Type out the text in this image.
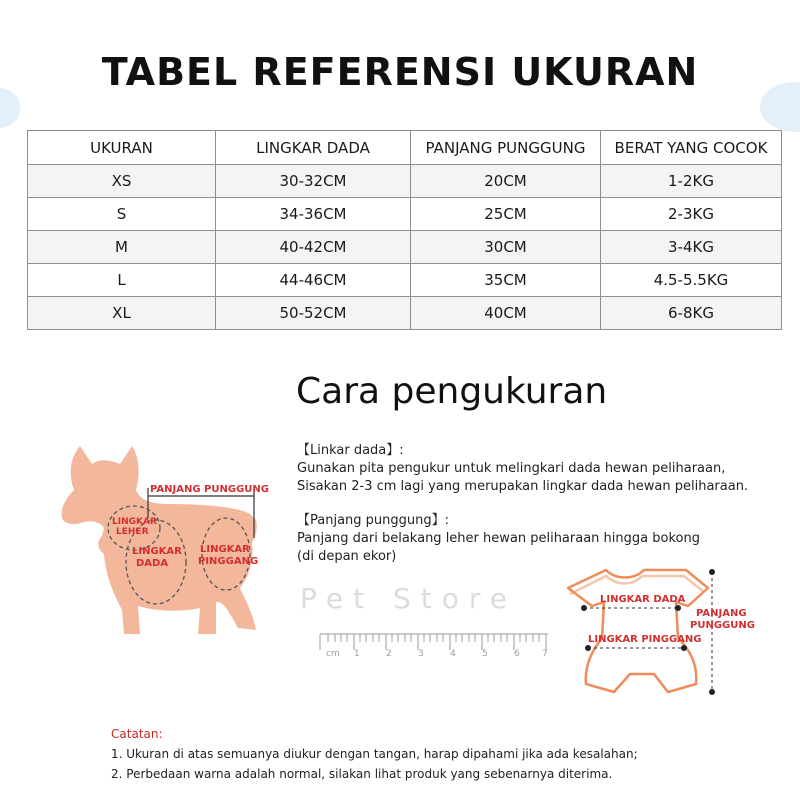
TABEL REFERENSI UKURAN
UKURAN	LINGKAR DADA	PANJANG PUNGGUNG	BERAT YANG COCOK
XS	30-32CM	20CM	1-2KG
S	34-36CM	25CM	2-3KG
M	40-42CM	30CM	3-4KG
L	44-46CM	35CM	4.5-5.5KG
XL	50-52CM	40CM	6-8KG
Cara pengukuran
【Linkar dada】:
Gunakan pita pengukur untuk melingkari dada hewan peliharaan,
Sisakan 2-3 cm lagi yang merupakan lingkar dada hewan peliharaan.
【Panjang punggung】:
Panjang dari belakang leher hewan peliharaan hingga bokong
(di depan ekor)
Pet Store
PANJANG PUNGGUNG
LINGKAR
LEHER
LINGKAR
DADA
LINGKAR
PINGGANG
cm 1	2	3	4	5	6 7
LINGKAR DADA
LINGKAR PINGGANG
PANJANG
PUNGGUNG
Catatan:
1. Ukuran di atas semuanya diukur dengan tangan, harap dipahami jika ada kesalahan;
2. Perbedaan warna adalah normal, silakan lihat produk yang sebenarnya diterima.
